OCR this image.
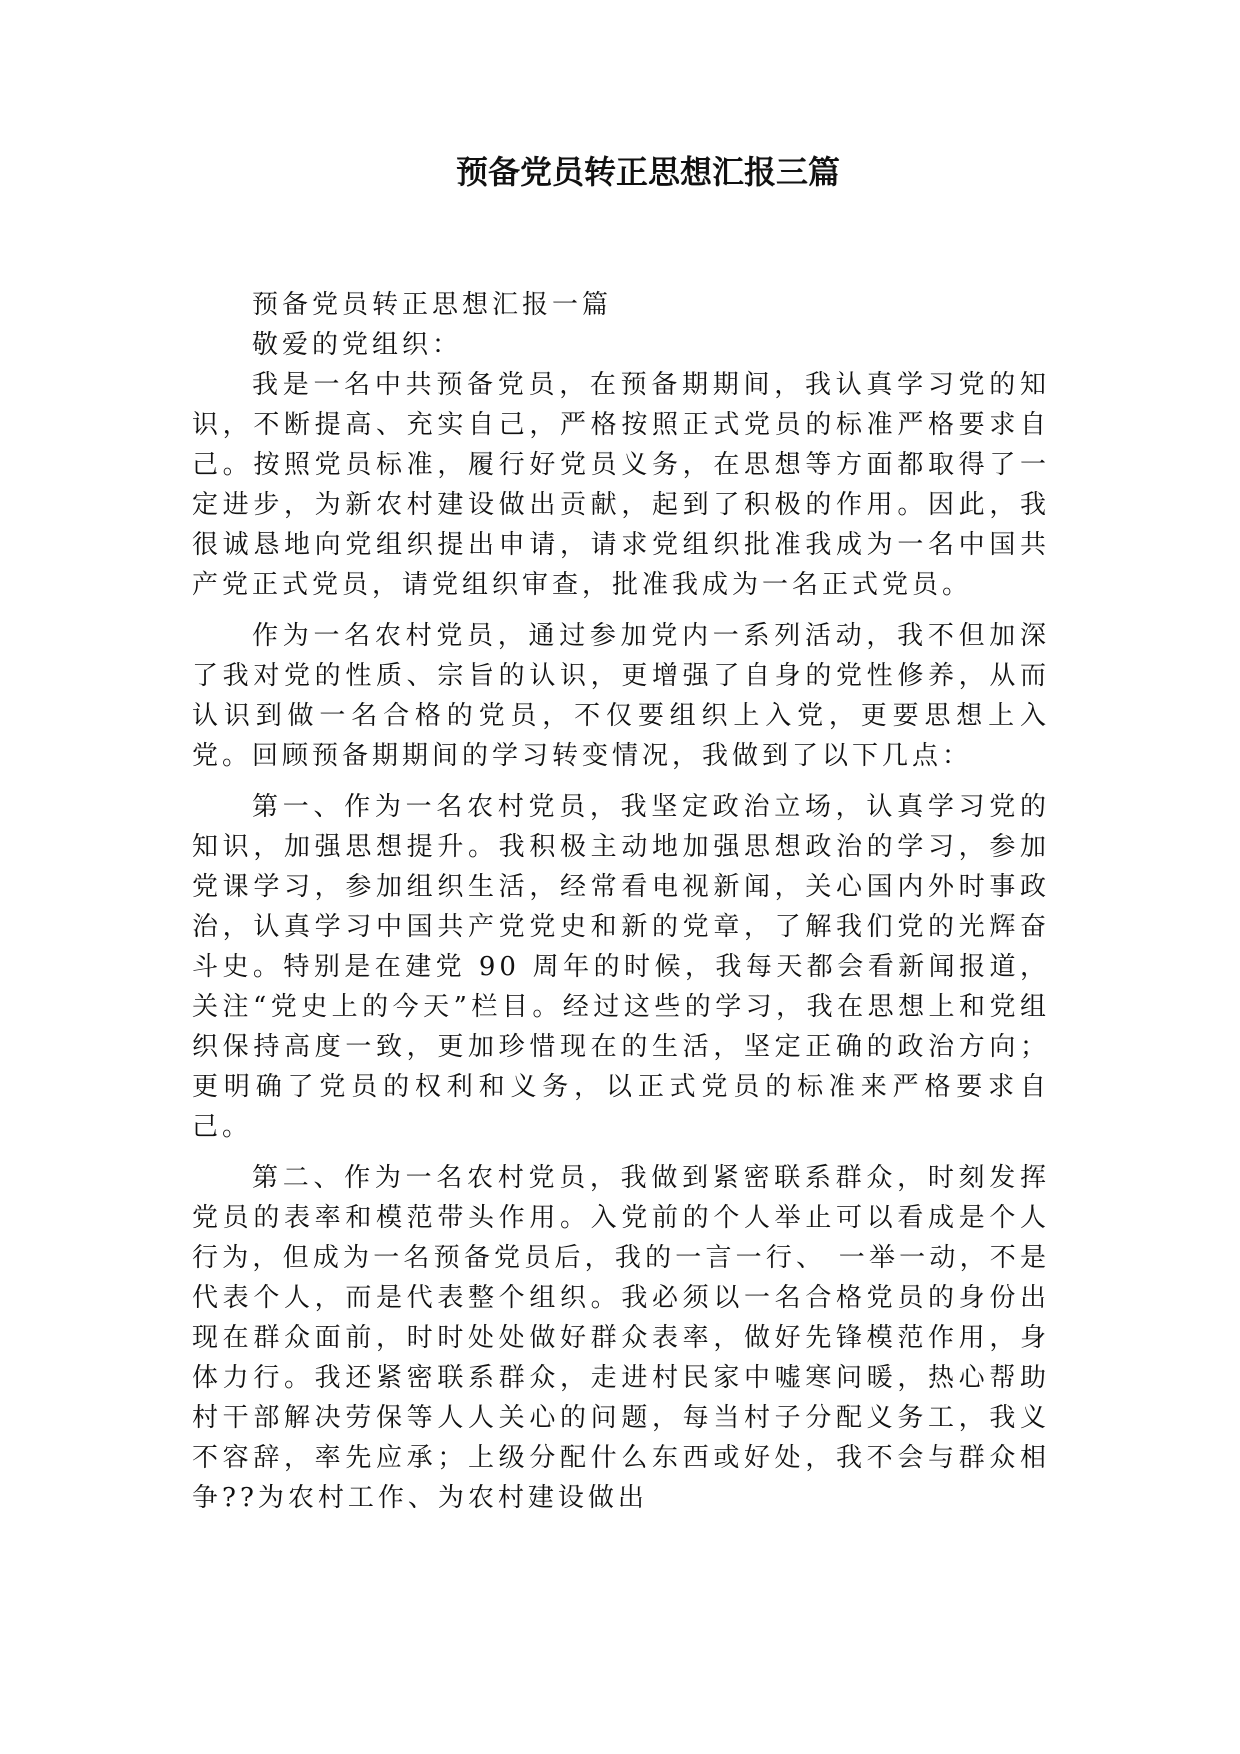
预备党员转正思想汇报三篇

预备党员转正思想汇报一篇

敬爱的党组织：

我是一名中共预备党员，在预备期期间，我认真学习党的知识，不断提高、充实自己，严格按照正式党员的标准严格要求自己。按照党员标准，履行好党员义务，在思想等方面都取得了一定进步，为新农村建设做出贡献，起到了积极的作用。因此，我很诚恳地向党组织提出申请，请求党组织批准我成为一名中国共产党正式党员，请党组织审查，批准我成为一名正式党员。

作为一名农村党员，通过参加党内一系列活动，我不但加深了我对党的性质、宗旨的认识，更增强了自身的党性修养，从而认识到做一名合格的党员，不仅要组织上入党，更要思想上入党。回顾预备期期间的学习转变情况，我做到了以下几点：

第一、作为一名农村党员，我坚定政治立场，认真学习党的知识，加强思想提升。我积极主动地加强思想政治的学习，参加党课学习，参加组织生活，经常看电视新闻，关心国内外时事政治，认真学习中国共产党党史和新的党章，了解我们党的光辉奋斗史。特别是在建党 90 周年的时候，我每天都会看新闻报道，关注“党史上的今天”栏目。经过这些的学习，我在思想上和党组织保持高度一致，更加珍惜现在的生活，坚定正确的政治方向；更明确了党员的权利和义务，以正式党员的标准来严格要求自己。

第二、作为一名农村党员，我做到紧密联系群众，时刻发挥党员的表率和模范带头作用。入党前的个人举止可以看成是个人行为，但成为一名预备党员后，我的一言一行、 一举一动，不是代表个人，而是代表整个组织。我必须以一名合格党员的身份出现在群众面前，时时处处做好群众表率，做好先锋模范作用，身体力行。我还紧密联系群众，走进村民家中嘘寒问暖，热心帮助村干部解决劳保等人人关心的问题，每当村子分配义务工，我义不容辞，率先应承；上级分配什么东西或好处，我不会与群众相争??为农村工作、为农村建设做出
